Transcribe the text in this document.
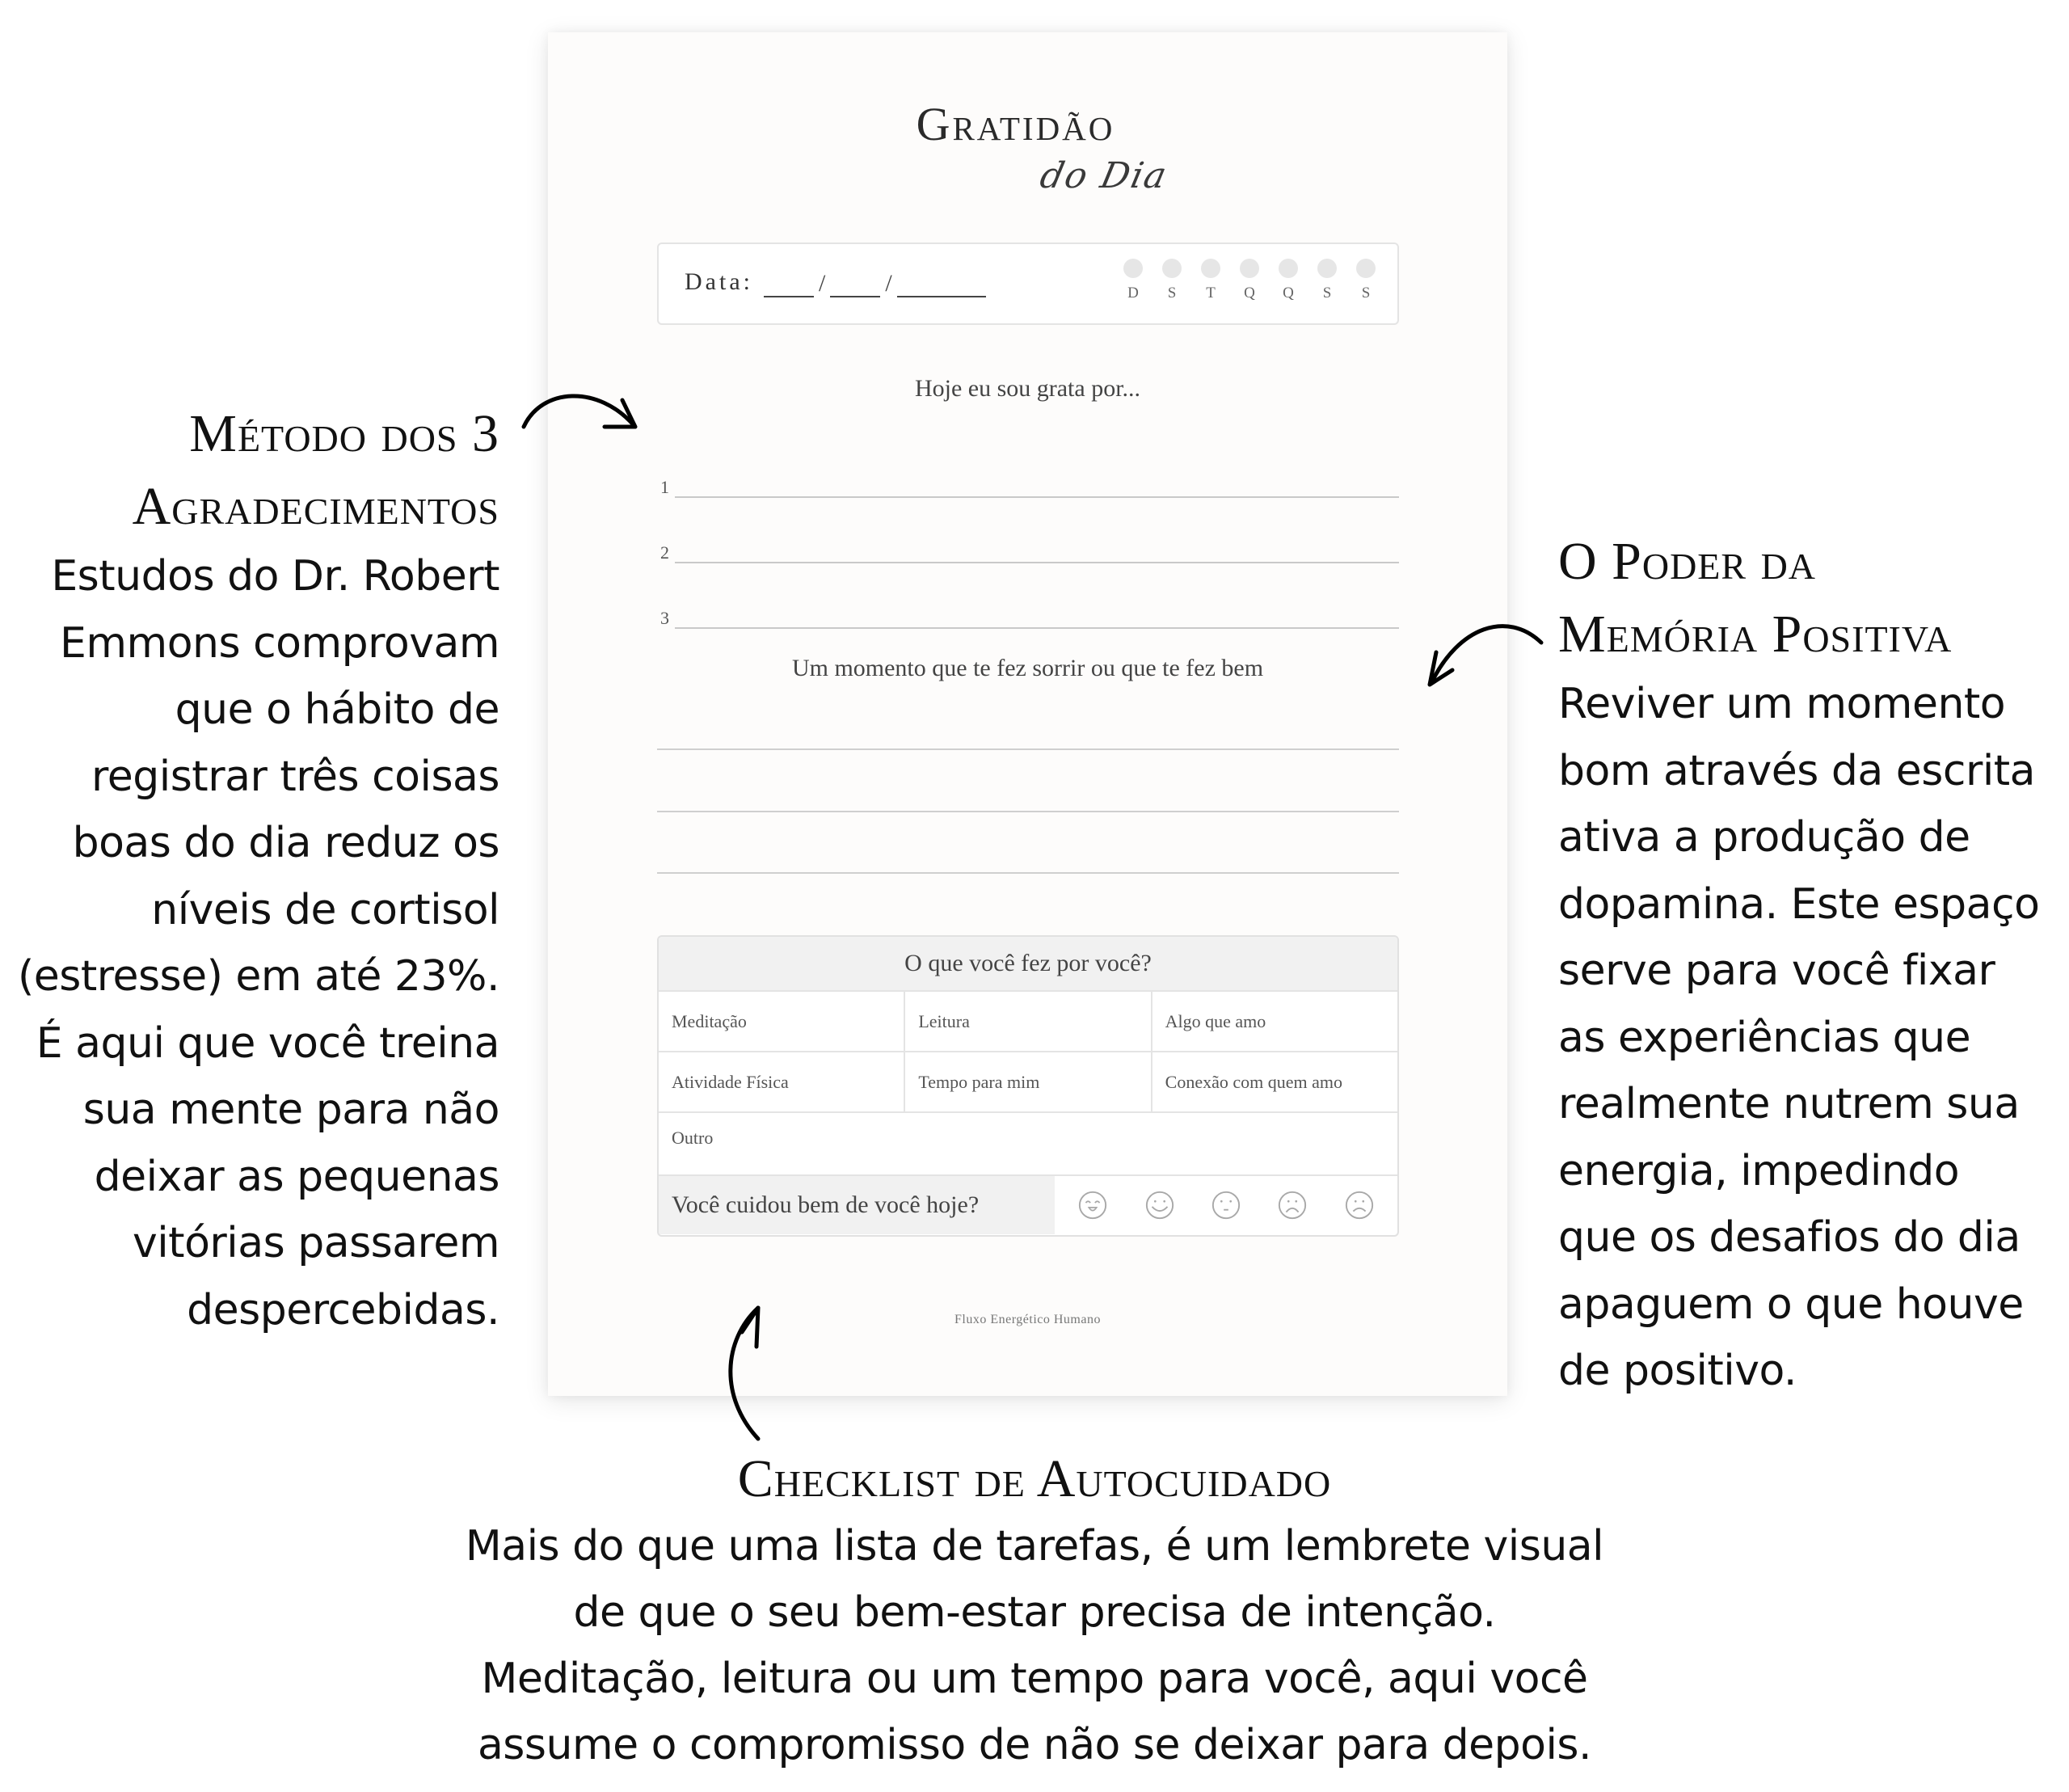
Gratidão
do Dia
Data:	/ /	D	S	T	Q	Q	S	S
Hoje eu sou grata por...
1
2
3
Um momento que te fez sorrir ou que te fez bem
O que você fez por você?
Meditação	Leitura	Algo que amo
Atividade Física	Tempo para mim	Conexão com quem amo
Outro
Você cuidou bem de você hoje?
Fluxo Energético Humano
Método dos 3
Agradecimentos
Estudos do Dr. Robert
Emmons comprovam
que o hábito de
registrar três coisas
boas do dia reduz os
níveis de cortisol
(estresse) em até 23%.
É aqui que você treina
sua mente para não
deixar as pequenas
vitórias passarem
despercebidas.
O Poder da
Memória Positiva
Reviver um momento
bom através da escrita
ativa a produção de
dopamina. Este espaço
serve para você fixar
as experiências que
realmente nutrem sua
energia, impedindo
que os desafios do dia
apaguem o que houve
de positivo.
Checklist de Autocuidado
Mais do que uma lista de tarefas, é um lembrete visual
de que o seu bem-estar precisa de intenção.
Meditação, leitura ou um tempo para você, aqui você
assume o compromisso de não se deixar para depois.
